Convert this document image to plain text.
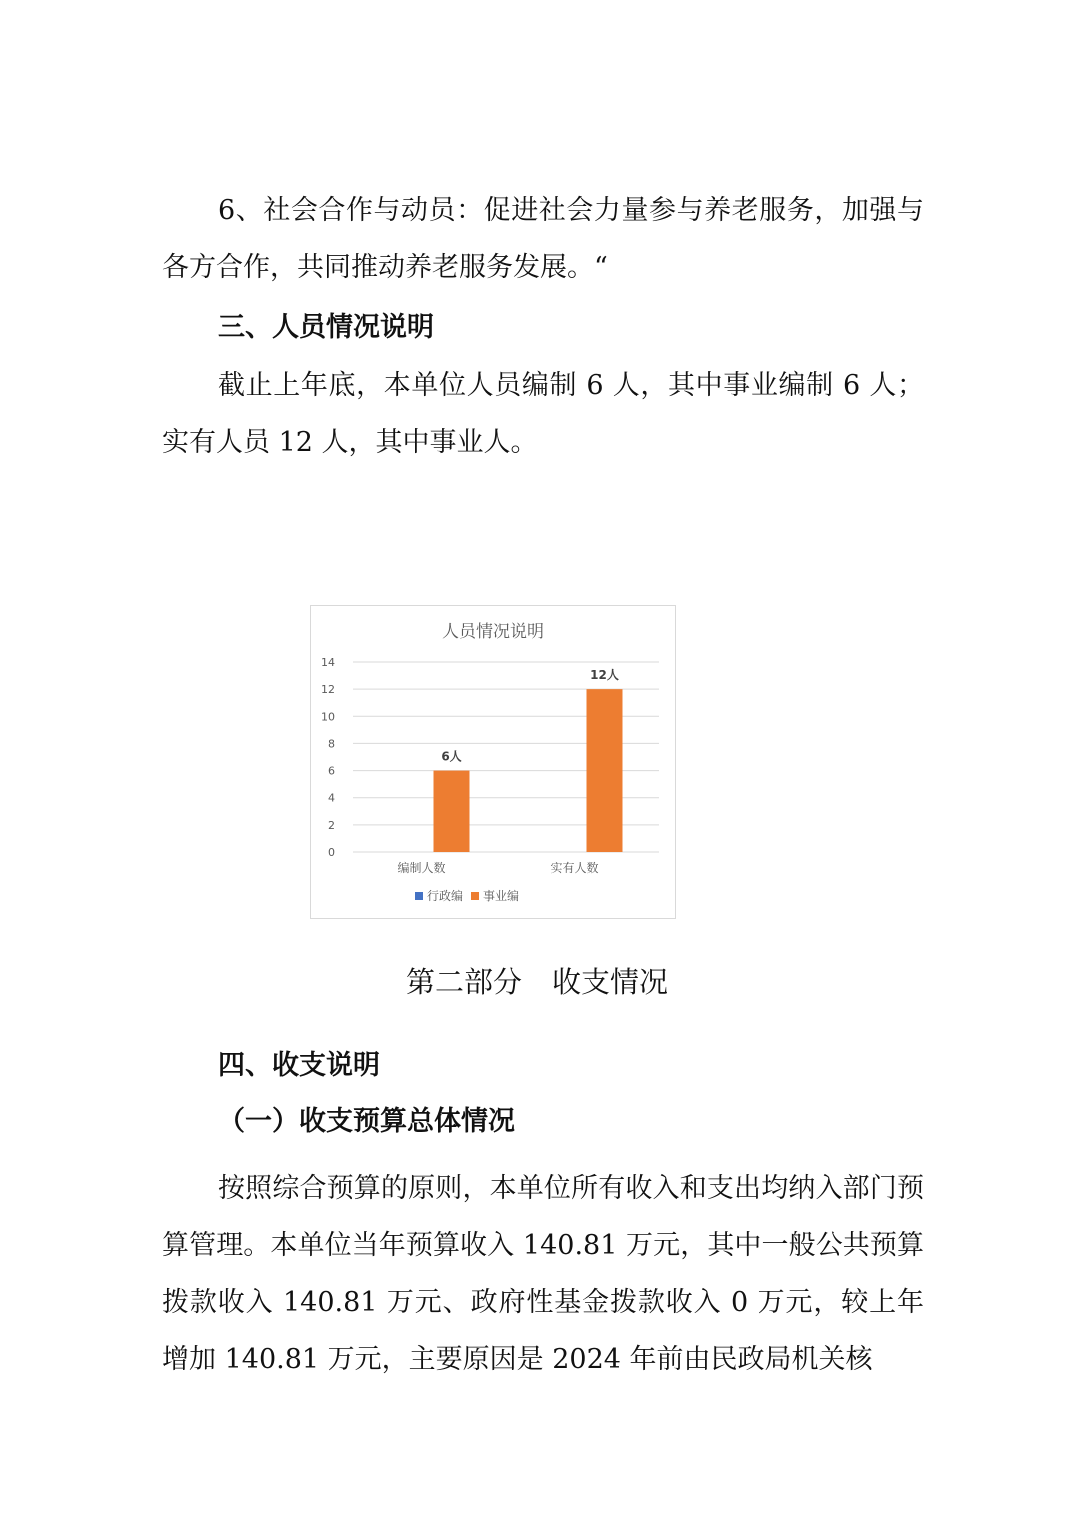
6、社会合作与动员：促进社会力量参与养老服务，加强与各方合作，共同推动养老服务发展。“

三、人员情况说明

截止上年底，本单位人员编制 6 人，其中事业编制 6 人；实有人员 12 人，其中事业人。

人员情况说明
0
2
4
6
8
10
12
14
编制人数
6人
实有人数
12人
行政编 事业编

第二部分 收支情况

四、收支说明

（一）收支预算总体情况

按照综合预算的原则，本单位所有收入和支出均纳入部门预算管理。本单位当年预算收入 140.81 万元，其中一般公共预算拨款收入 140.81 万元、政府性基金拨款收入 0 万元，较上年增加 140.81 万元，主要原因是 2024 年前由民政局机关核
